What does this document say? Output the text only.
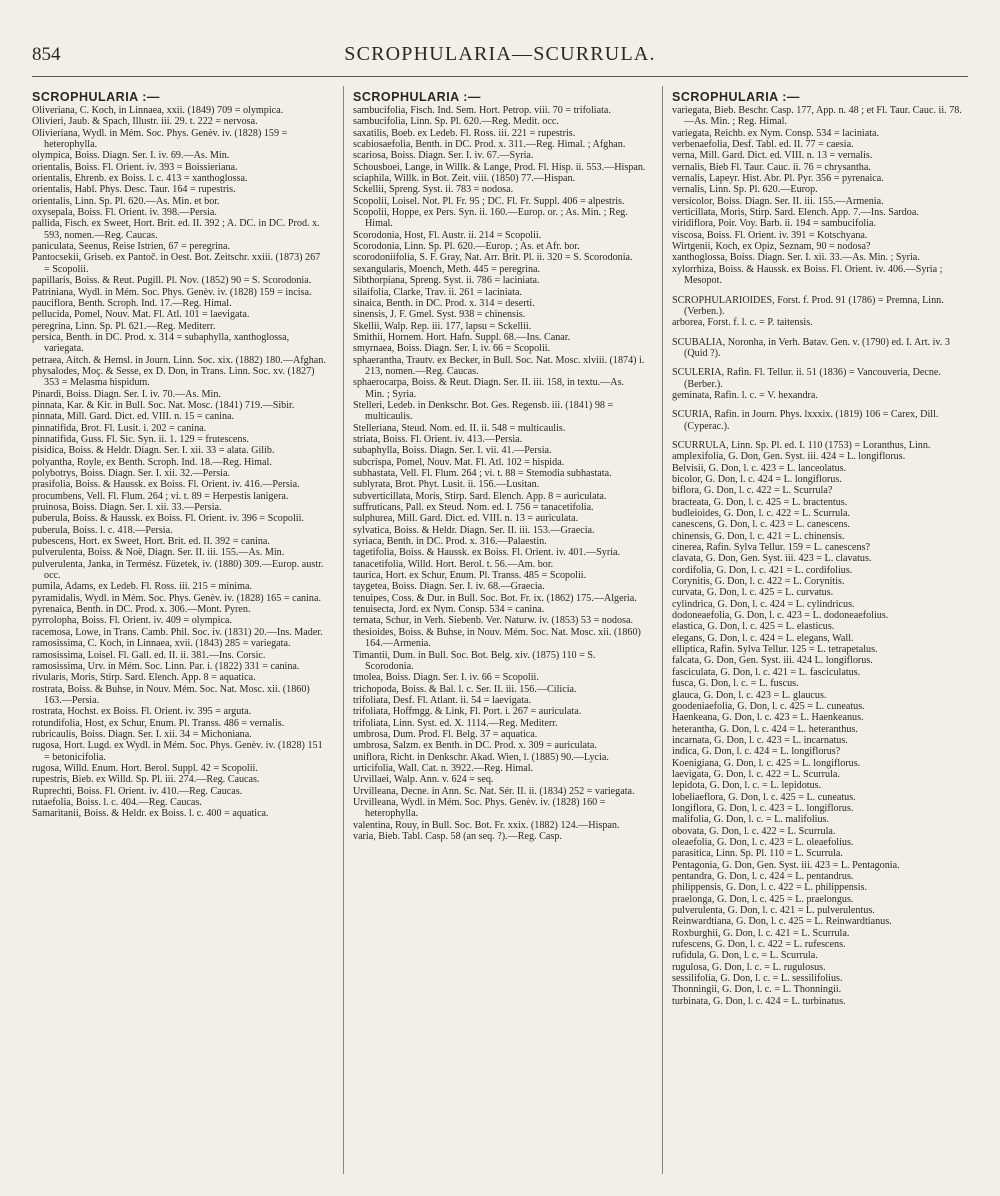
854	SCROPHULARIA—SCURRULA.
SCROPHULARIA :—

Oliveriana, C. Koch, in Linnaea, xxii. (1849) 709 = olympica.

Olivieri, Jaub. & Spach, Illustr. iii. 29. t. 222 = nervosa.

Olivieriana, Wydl. in Mém. Soc. Phys. Genèv. iv. (1828) 159 = heterophylla.

olympica, Boiss. Diagn. Ser. I. iv. 69.—As. Min.

orientalis, Boiss. Fl. Orient. iv. 393 = Boissieriana.

orientalis, Ehrenb. ex Boiss. l. c. 413 = xanthoglossa.

orientalis, Habl. Phys. Desc. Taur. 164 = rupestris.

orientalis, Linn. Sp. Pl. 620.—As. Min. et bor.

oxysepala, Boiss. Fl. Orient. iv. 398.—Persia.

pallida, Fisch. ex Sweet, Hort. Brit. ed. II. 392 ; A. DC. in DC. Prod. x. 593, nomen.—Reg. Caucas.

paniculata, Seenus, Reise Istrien, 67 = peregrina.

Pantocsekii, Griseb. ex Pantoč. in Oest. Bot. Zeitschr. xxiii. (1873) 267 = Scopolii.

papillaris, Boiss. & Reut. Pugill. Pl. Nov. (1852) 90 = S. Scorodonia.

Patriniana, Wydl. in Mém. Soc. Phys. Genèv. iv. (1828) 159 = incisa.

pauciflora, Benth. Scroph. Ind. 17.—Reg. Himal.

pellucida, Pomel, Nouv. Mat. Fl. Atl. 101 = laevigata.

peregrina, Linn. Sp. Pl. 621.—Reg. Mediterr.

persica, Benth. in DC. Prod. x. 314 = subaphylla, xanthoglossa, variegata.

petraea, Aitch. & Hemsl. in Journ. Linn. Soc. xix. (1882) 180.—Afghan.

physalodes, Moç. & Sesse, ex D. Don, in Trans. Linn. Soc. xv. (1827) 353 = Melasma hispidum.

Pinardi, Boiss. Diagn. Ser. I. iv. 70.—As. Min.

pinnata, Kar. & Kir. in Bull. Soc. Nat. Mosc. (1841) 719.—Sibir.

pinnata, Mill. Gard. Dict. ed. VIII. n. 15 = canina.

pinnatifida, Brot. Fl. Lusit. i. 202 = canina.

pinnatifida, Guss. Fl. Sic. Syn. ii. 1. 129 = frutescens.

pisidica, Boiss. & Heldr. Diagn. Ser. I. xii. 33 = alata. Gilib.

polyantha, Royle, ex Benth. Scroph. Ind. 18.—Reg. Himal.

polybotrys, Boiss. Diagn. Ser. I. xii. 32.—Persia.

prasifolia, Boiss. & Haussk. ex Boiss. Fl. Orient. iv. 416.—Persia.

procumbens, Vell. Fl. Flum. 264 ; vi. t. 89 = Herpestis lanigera.

pruinosa, Boiss. Diagn. Ser. I. xii. 33.—Persia.

puberula, Boiss. & Haussk. ex Boiss. Fl. Orient. iv. 396 = Scopolii.

puberula, Boiss. l. c. 418.—Persia.

pubescens, Hort. ex Sweet, Hort. Brit. ed. II. 392 = canina.

pulverulenta, Boiss. & Noë, Diagn. Ser. II. iii. 155.—As. Min.

pulverulenta, Janka, in Termész. Füzetek, iv. (1880) 309.—Europ. austr. occ.

pumila, Adams, ex Ledeb. Fl. Ross. iii. 215 = minima.

pyramidalis, Wydl. in Mém. Soc. Phys. Genèv. iv. (1828) 165 = canina.

pyrenaica, Benth. in DC. Prod. x. 306.—Mont. Pyren.

pyrrolopha, Boiss. Fl. Orient. iv. 409 = olympica.

racemosa, Lowe, in Trans. Camb. Phil. Soc. iv. (1831) 20.—Ins. Mader.

ramosissima, C. Koch, in Linnaea, xvii. (1843) 285 = variegata.

ramosissima, Loisel. Fl. Gall. ed. II. ii. 381.—Ins. Corsic.

ramosissima, Urv. in Mém. Soc. Linn. Par. i. (1822) 331 = canina.

rivularis, Moris, Stirp. Sard. Elench. App. 8 = aquatica.

rostrata, Boiss. & Buhse, in Nouv. Mém. Soc. Nat. Mosc. xii. (1860) 163.—Persia.

rostrata, Hochst. ex Boiss. Fl. Orient. iv. 395 = arguta.

rotundifolia, Host, ex Schur, Enum. Pl. Transs. 486 = vernalis.

rubricaulis, Boiss. Diagn. Ser. I. xii. 34 = Michoniana.

rugosa, Hort. Lugd. ex Wydl. in Mém. Soc. Phys. Genèv. iv. (1828) 151 = betonicifolia.

rugosa, Willd. Enum. Hort. Berol. Suppl. 42 = Scopolii.

rupestris, Bieb. ex Willd. Sp. Pl. iii. 274.—Reg. Caucas.

Ruprechti, Boiss. Fl. Orient. iv. 410.—Reg. Caucas.

rutaefolia, Boiss. l. c. 404.—Reg. Caucas.

Samaritanii, Boiss. & Heldr. ex Boiss. l. c. 400 = aquatica.

SCROPHULARIA :—

sambucifolia, Fisch. Ind. Sem. Hort. Petrop. viii. 70 = trifoliata.

sambucifolia, Linn. Sp. Pl. 620.—Reg. Medit. occ.

saxatilis, Boeb. ex Ledeb. Fl. Ross. iii. 221 = rupestris.

scabiosaefolia, Benth. in DC. Prod. x. 311.—Reg. Himal. ; Afghan.

scariosa, Boiss. Diagn. Ser. I. iv. 67.—Syria.

Schousboei, Lange, in Willk. & Lange, Prod. Fl. Hisp. ii. 553.—Hispan.

sciaphila, Willk. in Bot. Zeit. viii. (1850) 77.—Hispan.

Sckellii, Spreng. Syst. ii. 783 = nodosa.

Scopolii, Loisel. Not. Pl. Fr. 95 ; DC. Fl. Fr. Suppl. 406 = alpestris.

Scopolii, Hoppe, ex Pers. Syn. ii. 160.—Europ. or. ; As. Min. ; Reg. Himal.

Scorodonia, Host, Fl. Austr. ii. 214 = Scopolii.

Scorodonia, Linn. Sp. Pl. 620.—Europ. ; As. et Afr. bor.

scorodoniifolia, S. F. Gray, Nat. Arr. Brit. Pl. ii. 320 = S. Scorodonia.

sexangularis, Moench, Meth. 445 = peregrina.

Sibthorpiana, Spreng. Syst. ii. 786 = laciniata.

silaifolia, Clarke, Trav. ii. 261 = laciniata.

sinaica, Benth. in DC. Prod. x. 314 = deserti.

sinensis, J. F. Gmel. Syst. 938 = chinensis.

Skellii, Walp. Rep. iii. 177, lapsu = Sckellii.

Smithii, Hornem. Hort. Hafn. Suppl. 68.—Ins. Canar.

smyrnaea, Boiss. Diagn. Ser. I. iv. 66 = Scopolii.

sphaerantha, Trautv. ex Becker, in Bull. Soc. Nat. Mosc. xlviii. (1874) i. 213, nomen.—Reg. Caucas.

sphaerocarpa, Boiss. & Reut. Diagn. Ser. II. iii. 158, in textu.—As. Min. ; Syria.

Stelleri, Ledeb. in Denkschr. Bot. Ges. Regensb. iii. (1841) 98 = multicaulis.

Stelleriana, Steud. Nom. ed. II. ii. 548 = multicaulis.

striata, Boiss. Fl. Orient. iv. 413.—Persia.

subaphylla, Boiss. Diagn. Ser. I. vii. 41.—Persia.

subcrispa, Pomel, Nouv. Mat. Fl. Atl. 102 = hispida.

subhastata, Vell. Fl. Flum. 264 ; vi. t. 88 = Stemodia subhastata.

sublyrata, Brot. Phyt. Lusit. ii. 156.—Lusitan.

subverticillata, Moris, Stirp. Sard. Elench. App. 8 = auriculata.

suffruticans, Pall. ex Steud. Nom. ed. I. 756 = tanacetifolia.

sulphurea, Mill. Gard. Dict. ed. VIII. n. 13 = auriculata.

sylvatica, Boiss. & Heldr. Diagn. Ser. II. iii. 153.—Graecia.

syriaca, Benth. in DC. Prod. x. 316.—Palaestin.

tagetifolia, Boiss. & Haussk. ex Boiss. Fl. Orient. iv. 401.—Syria.

tanacetifolia, Willd. Hort. Berol. t. 56.—Am. bor.

taurica, Hort. ex Schur, Enum. Pl. Transs. 485 = Scopolii.

taygetea, Boiss. Diagn. Ser. I. iv. 68.—Graecia.

tenuipes, Coss. & Dur. in Bull. Soc. Bot. Fr. ix. (1862) 175.—Algeria.

tenuisecta, Jord. ex Nym. Consp. 534 = canina.

ternata, Schur, in Verh. Siebenb. Ver. Naturw. iv. (1853) 53 = nodosa.

thesioides, Boiss. & Buhse, in Nouv. Mém. Soc. Nat. Mosc. xii. (1860) 164.—Armenia.

Timantii, Dum. in Bull. Soc. Bot. Belg. xiv. (1875) 110 = S. Scorodonia.

tmolea, Boiss. Diagn. Ser. I. iv. 66 = Scopolii.

trichopoda, Boiss. & Bal. l. c. Ser. II. iii. 156.—Cilicia.

trifoliata, Desf. Fl. Atlant. ii. 54 = laevigata.

trifoliata, Hoffmgg. & Link, Fl. Port. i. 267 = auriculata.

trifoliata, Linn. Syst. ed. X. 1114.—Reg. Mediterr.

umbrosa, Dum. Prod. Fl. Belg. 37 = aquatica.

umbrosa, Salzm. ex Benth. in DC. Prod. x. 309 = auriculata.

uniflora, Richt. in Denkschr. Akad. Wien, l. (1885) 90.—Lycia.

urticifolia, Wall. Cat. n. 3922.—Reg. Himal.

Urvillaei, Walp. Ann. v. 624 = seq.

Urvilleana, Decne. in Ann. Sc. Nat. Sér. II. ii. (1834) 252 = variegata.

Urvilleana, Wydl. in Mém. Soc. Phys. Genèv. iv. (1828) 160 = heterophylla.

valentina, Rouy, in Bull. Soc. Bot. Fr. xxix. (1882) 124.—Hispan.

varia, Bieb. Tabl. Casp. 58 (an seq. ?).—Reg. Casp.

SCROPHULARIA :—

variegata, Bieb. Beschr. Casp. 177, App. n. 48 ; et Fl. Taur. Cauc. ii. 78.—As. Min. ; Reg. Himal.

variegata, Reichb. ex Nym. Consp. 534 = laciniata.

verbenaefolia, Desf. Tabl. ed. II. 77 = caesia.

verna, Mill. Gard. Dict. ed. VIII. n. 13 = vernalis.

vernalis, Bieb Fl. Taur. Cauc. ii. 76 = chrysantha.

vernalis, Lapeyr. Hist. Abr. Pl. Pyr. 356 = pyrenaica.

vernalis, Linn. Sp. Pl. 620.—Europ.

versicolor, Boiss. Diagn. Ser. II. iii. 155.—Armenia.

verticillata, Moris, Stirp. Sard. Elench. App. 7.—Ins. Sardoa.

viridiflora, Poir. Voy. Barb. ii. 194 = sambucifolia.

viscosa, Boiss. Fl. Orient. iv. 391 = Kotschyana.

Wirtgenii, Koch, ex Opiz, Seznam, 90 = nodosa?

xanthoglossa, Boiss. Diagn. Ser. I. xii. 33.—As. Min. ; Syria.

xylorrhiza, Boiss. & Haussk. ex Boiss. Fl. Orient. iv. 406.—Syria ; Mesopot.

SCROPHULARIOIDES, Forst. f. Prod. 91 (1786) = Premna, Linn. (Verben.).

arborea, Forst. f. l. c. = P. taitensis.

SCUBALIA, Noronha, in Verh. Batav. Gen. v. (1790) ed. I. Art. iv. 3 (Quid ?).

SCULERIA, Rafin. Fl. Tellur. ii. 51 (1836) = Vancouveria, Decne. (Berber.).

geminata, Rafin. l. c. = V. hexandra.

SCURIA, Rafin. in Journ. Phys. lxxxix. (1819) 106 = Carex, Dill. (Cyperac.).

SCURRULA, Linn. Sp. Pl. ed. I. 110 (1753) = Loranthus, Linn.

amplexifolia, G. Don, Gen. Syst. iii. 424 = L. longiflorus.

Belvisii, G. Don, l. c. 423 = L. lanceolatus.

bicolor, G. Don, l. c. 424 = L. longiflorus.

biflora, G. Don, l. c. 422 = L. Scurrula?

bracteata, G. Don, l. c. 425 = L. bractentus.

budleioides, G. Don, l. c. 422 = L. Scurrula.

canescens, G. Don, l. c. 423 = L. canescens.

chinensis, G. Don, l. c. 421 = L. chinensis.

cinerea, Rafin. Sylva Tellur. 159 = L. canescens?

clavata, G. Don, Gen. Syst. iii. 423 = L. clavatus.

cordifolia, G. Don, l. c. 421 = L. cordifolius.

Corynitis, G. Don, l. c. 422 = L. Corynitis.

curvata, G. Don, l. c. 425 = L. curvatus.

cylindrica, G. Don, l. c. 424 = L. cylindricus.

dodoneaefolia, G. Don, l. c. 423 = L. dodoneaefolius.

elastica, G. Don, l. c. 425 = L. elasticus.

elegans, G. Don, l. c. 424 = L. elegans, Wall.

elliptica, Rafin. Sylva Tellur. 125 = L. tetrapetalus.

falcata, G. Don, Gen. Syst. iii. 424 L. longiflorus.

fasciculata, G. Don, l. c. 421 = L. fasciculatus.

fusca, G. Don, l. c. = L. fuscus.

glauca, G. Don, l. c. 423 = L. glaucus.

goodeniaefolia, G. Don, l. c. 425 = L. cuneatus.

Haenkeana, G. Don, l. c. 423 = L. Haenkeanus.

heterantha, G. Don, l. c. 424 = L. heteranthus.

incarnata, G. Don, l. c. 423 = L. incarnatus.

indica, G. Don, l. c. 424 = L. longiflorus?

Koenigiana, G. Don, l. c. 425 = L. longiflorus.

laevigata, G. Don, l. c. 422 = L. Scurrula.

lepidota, G. Don, l. c. = L. lepidotus.

lobeliaeflora, G. Don, l. c. 425 = L. cuneatus.

longiflora, G. Don, l. c. 423 = L. longiflorus.

malifolia, G. Don, l. c. = L. malifolius.

obovata, G. Don, l. c. 422 = L. Scurrula.

oleaefolia, G. Don, l. c. 423 = L. oleaefolius.

parasitica, Linn. Sp. Pl. 110 = L. Scurrula.

Pentagonia, G. Don, Gen. Syst. iii. 423 = L. Pentagonia.

pentandra, G. Don, l. c. 424 = L. pentandrus.

philippensis, G. Don, l. c. 422 = L. philippensis.

praelonga, G. Don, l. c. 425 = L. praelongus.

pulverulenta, G. Don, l. c. 421 = L. pulverulentus.

Reinwardtiana, G. Don, l. c. 425 = L. Reinwardtianus.

Roxburghii, G. Don, l. c. 421 = L. Scurrula.

rufescens, G. Don, l. c. 422 = L. rufescens.

rufidula, G. Don, l. c. = L. Scurrula.

rugulosa, G. Don, l. c. = L. rugulosus.

sessilifolia, G. Don, l. c. = L. sessilifolius.

Thonningii, G. Don, l. c. = L. Thonningii.

turbinata, G. Don, l. c. 424 = L. turbinatus.
